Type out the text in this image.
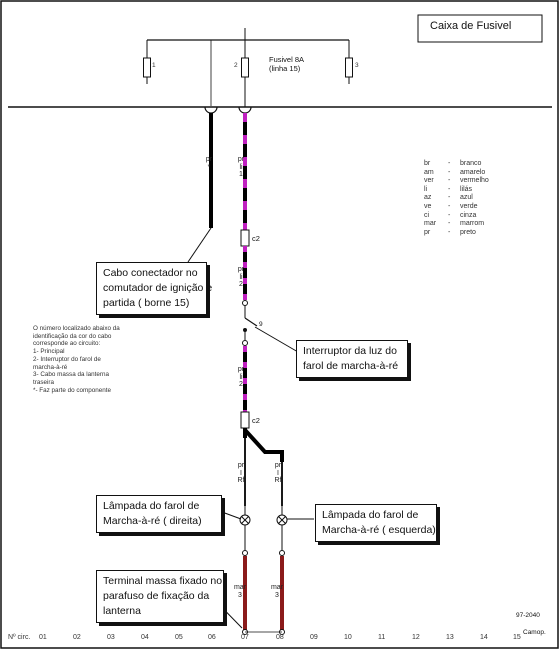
Caixa de Fusivel
1	2	3
Fusivel 8A
(linha 15)
br	-	branco
am	-	amarelo
ver	-	vermelho
li	-	lilás
az	-	azul
ve	-	verde
ci	-	cinza
mar	-	marrom
pr	-	preto
Cabo conectador no
comutador de ignição e
partida ( borne 15)
Interruptor da luz do
farol de marcha-à-ré
Lâmpada do farol de
Marcha-à-ré ( direita)	Lâmpada do farol de
Marcha-à-ré ( esquerda)
Terminal massa fixado no
parafuso de fixação da
lanterna
O número localizado abaixo da
identificação da cor do cabo
corresponde ao circuito:
1- Principal
2- Interruptor do farol de
marcha-à-ré
3- Cabo massa da lanterna
traseira
*- Faz parte do componente
pr
*
pr
li
1
pr
li
2
pr
li
2
pr
I
Rf
pr
I
Rf
mar
3
mar
3
c2
c2
9
Nº circ. 01	02	03	04	05	06	07	08	09	10	11	12	13	14	15
97-2040
Camop.
